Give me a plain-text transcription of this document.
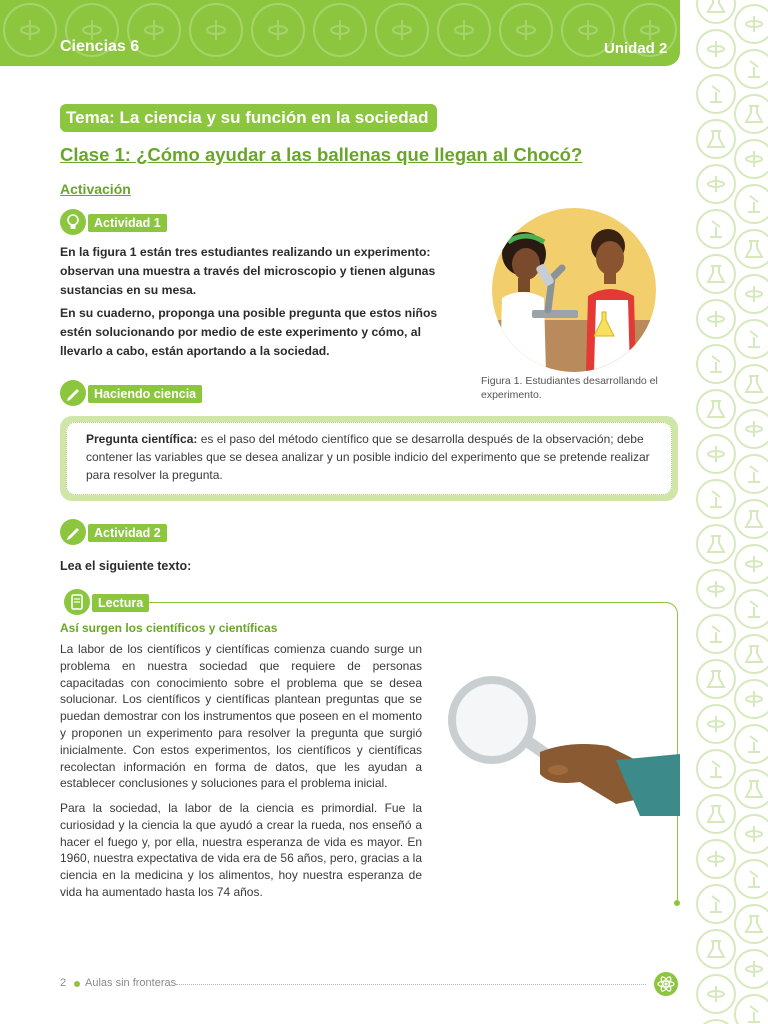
Ciencias 6	Unidad 2
Tema: La ciencia y su función en la sociedad
Clase 1: ¿Cómo ayudar a las ballenas que llegan al Chocó?
Activación
Actividad 1
En la figura 1 están tres estudiantes realizando un experimento: observan una muestra a través del microscopio y tienen algunas sustancias en su mesa.
En su cuaderno, proponga una posible pregunta que estos niños estén solucionando por medio de este experimento y cómo, al llevarlo a cabo, están aportando a la sociedad.
Figura 1. Estudiantes desarrollando el experimento.
Haciendo ciencia
Pregunta científica: es el paso del método científico que se desarrolla después de la observación; debe contener las variables que se desea analizar y un posible indicio del experimento que se pretende realizar para resolver la pregunta.
Actividad 2
Lea el siguiente texto:
Lectura
Así surgen los científicos y científicas
La labor de los científicos y científicas comienza cuando surge un problema en nuestra sociedad que requiere de personas capacitadas con conocimiento sobre el problema que se desea solucionar. Los científicos y científicas plantean preguntas que se puedan demostrar con los instrumentos que poseen en el momento y proponen un experimento para resolver la pregunta que surgió inicialmente. Con estos experimentos, los científicos y científicas recolectan información en forma de datos, que les ayudan a establecer conclusiones y soluciones para el problema inicial.
Para la sociedad, la labor de la ciencia es primordial. Fue la curiosidad y la ciencia la que ayudó a crear la rueda, nos enseñó a hacer el fuego y, por ella, nuestra esperanza de vida es mayor. En 1960, nuestra expectativa de vida era de 56 años, pero, gracias a la ciencia en la medicina y los alimentos, hoy nuestra esperanza de vida ha aumentado hasta los 74 años.
2 Aulas sin fronteras
